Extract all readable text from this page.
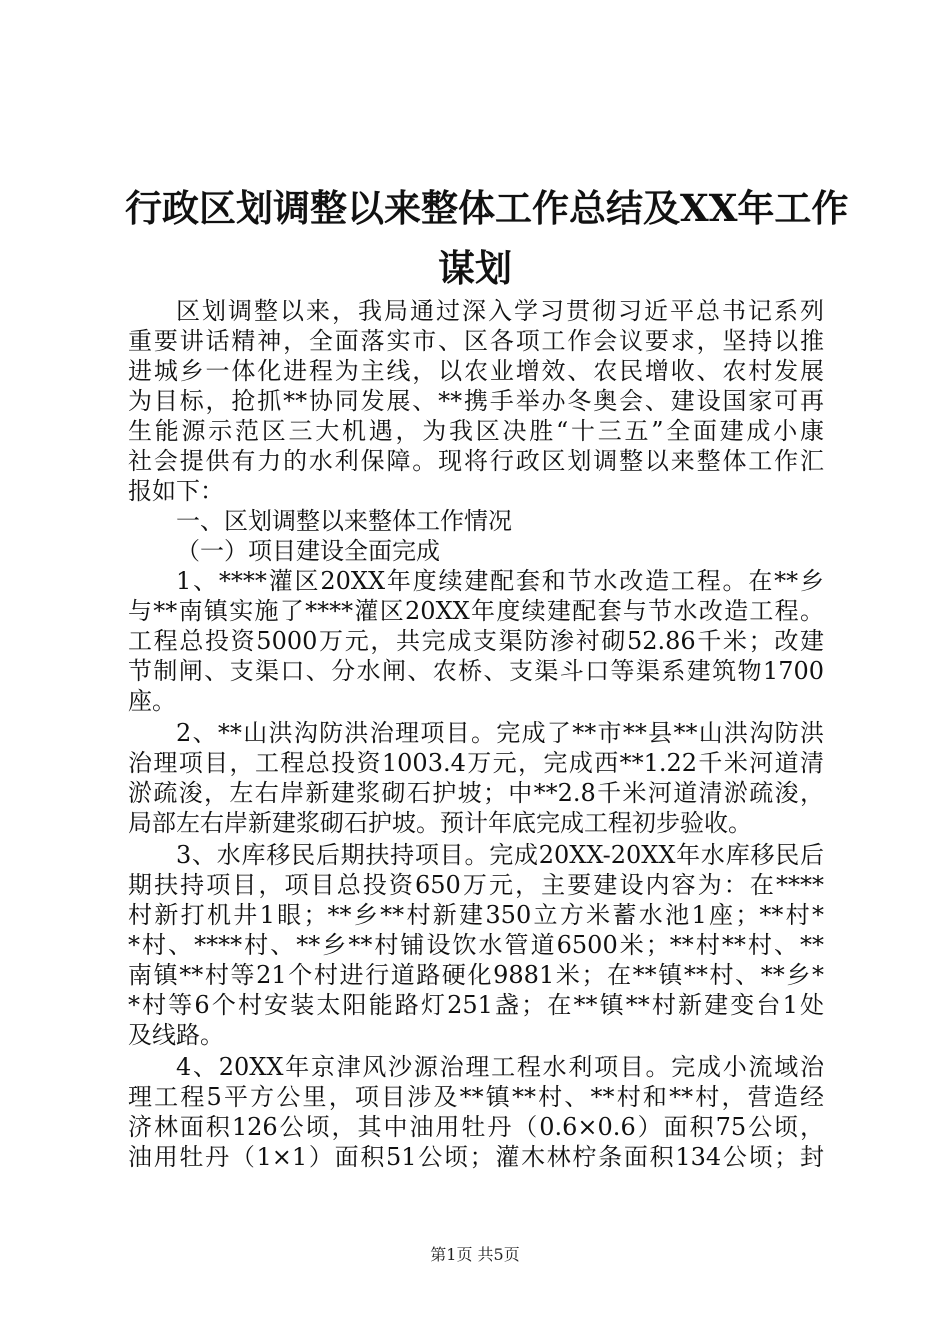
行政区划调整以来整体工作总结及XX年工作
谋划
区划调整以来，我局通过深入学习贯彻习近平总书记系列
重要讲话精神，全面落实市、区各项工作会议要求，坚持以推
进城乡一体化进程为主线，以农业增效、农民增收、农村发展
为目标，抢抓**协同发展、**携手举办冬奥会、建设国家可再
生能源示范区三大机遇，为我区决胜“十三五”全面建成小康
社会提供有力的水利保障。现将行政区划调整以来整体工作汇
报如下：
一、区划调整以来整体工作情况
（一）项目建设全面完成
1、****灌区20XX年度续建配套和节水改造工程。在**乡
与**南镇实施了****灌区20XX年度续建配套与节水改造工程。
工程总投资5000万元，共完成支渠防渗衬砌52.86千米；改建
节制闸、支渠口、分水闸、农桥、支渠斗口等渠系建筑物1700
座。
2、**山洪沟防洪治理项目。完成了**市**县**山洪沟防洪
治理项目，工程总投资1003.4万元，完成西**1.22千米河道清
淤疏浚，左右岸新建浆砌石护坡；中**2.8千米河道清淤疏浚，
局部左右岸新建浆砌石护坡。预计年底完成工程初步验收。
3、水库移民后期扶持项目。完成20XX-20XX年水库移民后
期扶持项目，项目总投资650万元，主要建设内容为：在****
村新打机井1眼；**乡**村新建350立方米蓄水池1座；**村*
*村、****村、**乡**村铺设饮水管道6500米；**村**村、**
南镇**村等21个村进行道路硬化9881米；在**镇**村、**乡*
*村等6个村安装太阳能路灯251盏；在**镇**村新建变台1处
及线路。
4、20XX年京津风沙源治理工程水利项目。完成小流域治
理工程5平方公里，项目涉及**镇**村、**村和**村，营造经
济林面积126公顷，其中油用牡丹（0.6×0.6）面积75公顷，
油用牡丹（1×1）面积51公顷；灌木林柠条面积134公顷；封
第1页 共5页
